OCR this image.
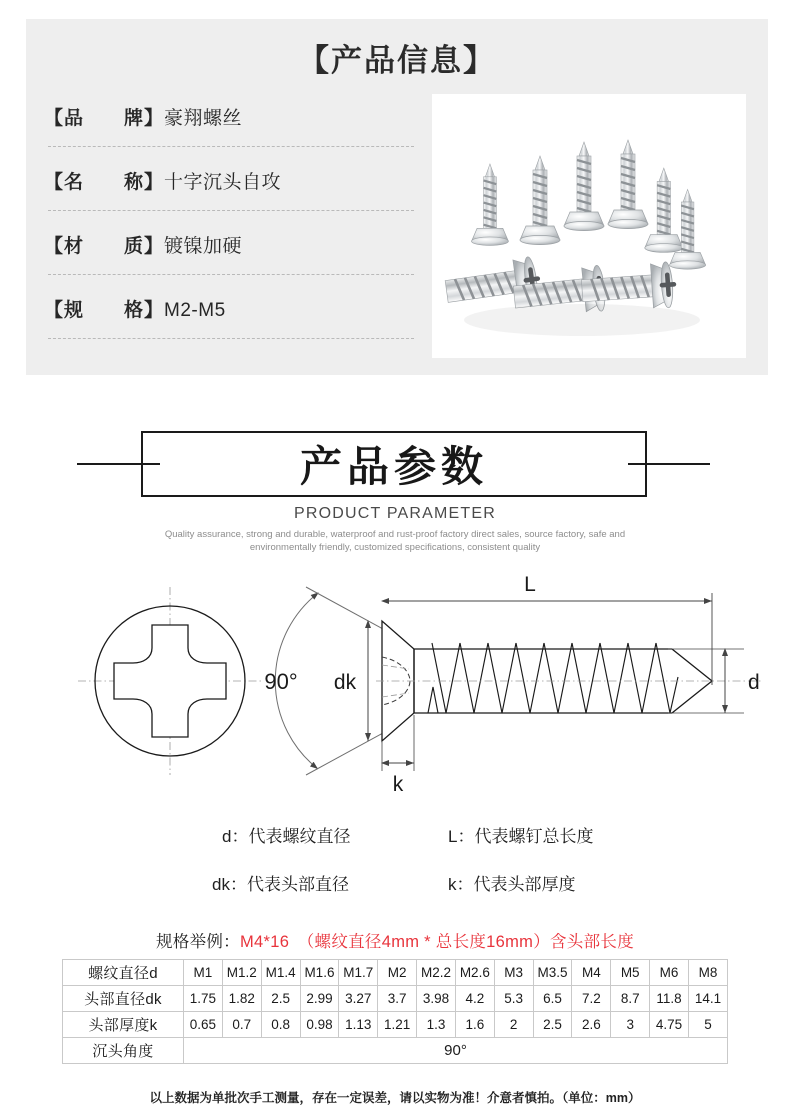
【产品信息】
【品　　牌】豪翔螺丝
【名　　称】十字沉头自攻
【材　　质】镀镍加硬
【规　　格】M2-M5
产品参数
PRODUCT PARAMETER
Quality assurance, strong and durable, waterproof and rust-proof factory direct sales, source factory, safe and environmentally friendly, customized specifications, consistent quality
90° dk
L
d
k
d：代表螺纹直径	L：代表螺钉总长度
dk：代表头部直径	k：代表头部厚度
规格举例：M4*16　（螺纹直径4mm * 总长度16mm）含头部长度
螺纹直径d	M1	M1.2	M1.4	M1.6	M1.7	M2	M2.2	M2.6	M3	M3.5	M4	M5	M6	M8
头部直径dk	1.75	1.82	2.5	2.99	3.27	3.7	3.98	4.2	5.3	6.5	7.2	8.7	11.8	14.1
头部厚度k	0.65	0.7	0.8	0.98	1.13	1.21	1.3	1.6	2	2.5	2.6	3	4.75	5
沉头角度	90°													
以上数据为单批次手工测量，存在一定误差，请以实物为准！介意者慎拍。（单位：mm）
